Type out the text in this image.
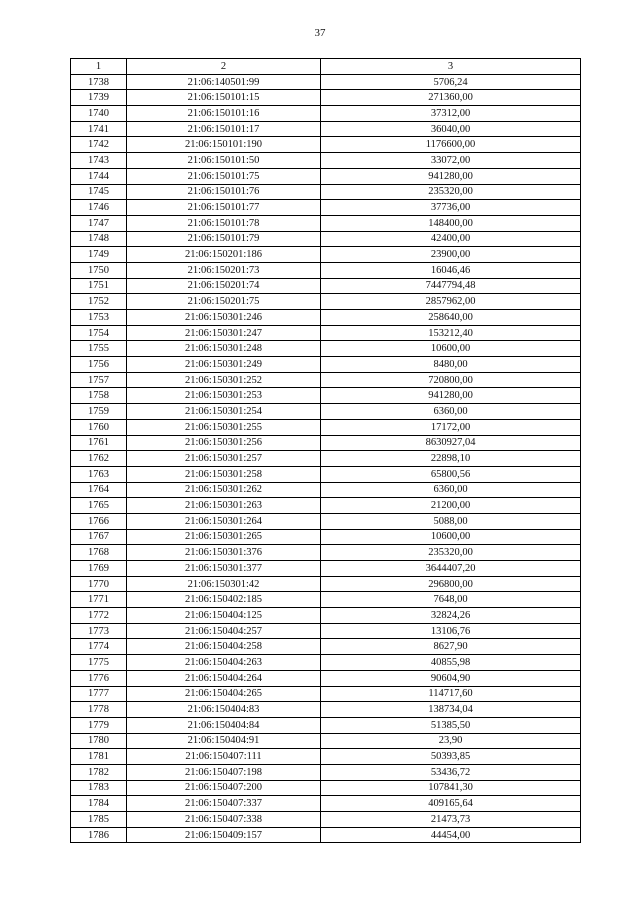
37
1	2	3
1738	21:06:140501:99	5706,24
1739	21:06:150101:15	271360,00
1740	21:06:150101:16	37312,00
1741	21:06:150101:17	36040,00
1742	21:06:150101:190	1176600,00
1743	21:06:150101:50	33072,00
1744	21:06:150101:75	941280,00
1745	21:06:150101:76	235320,00
1746	21:06:150101:77	37736,00
1747	21:06:150101:78	148400,00
1748	21:06:150101:79	42400,00
1749	21:06:150201:186	23900,00
1750	21:06:150201:73	16046,46
1751	21:06:150201:74	7447794,48
1752	21:06:150201:75	2857962,00
1753	21:06:150301:246	258640,00
1754	21:06:150301:247	153212,40
1755	21:06:150301:248	10600,00
1756	21:06:150301:249	8480,00
1757	21:06:150301:252	720800,00
1758	21:06:150301:253	941280,00
1759	21:06:150301:254	6360,00
1760	21:06:150301:255	17172,00
1761	21:06:150301:256	8630927,04
1762	21:06:150301:257	22898,10
1763	21:06:150301:258	65800,56
1764	21:06:150301:262	6360,00
1765	21:06:150301:263	21200,00
1766	21:06:150301:264	5088,00
1767	21:06:150301:265	10600,00
1768	21:06:150301:376	235320,00
1769	21:06:150301:377	3644407,20
1770	21:06:150301:42	296800,00
1771	21:06:150402:185	7648,00
1772	21:06:150404:125	32824,26
1773	21:06:150404:257	13106,76
1774	21:06:150404:258	8627,90
1775	21:06:150404:263	40855,98
1776	21:06:150404:264	90604,90
1777	21:06:150404:265	114717,60
1778	21:06:150404:83	138734,04
1779	21:06:150404:84	51385,50
1780	21:06:150404:91	23,90
1781	21:06:150407:111	50393,85
1782	21:06:150407:198	53436,72
1783	21:06:150407:200	107841,30
1784	21:06:150407:337	409165,64
1785	21:06:150407:338	21473,73
1786	21:06:150409:157	44454,00
